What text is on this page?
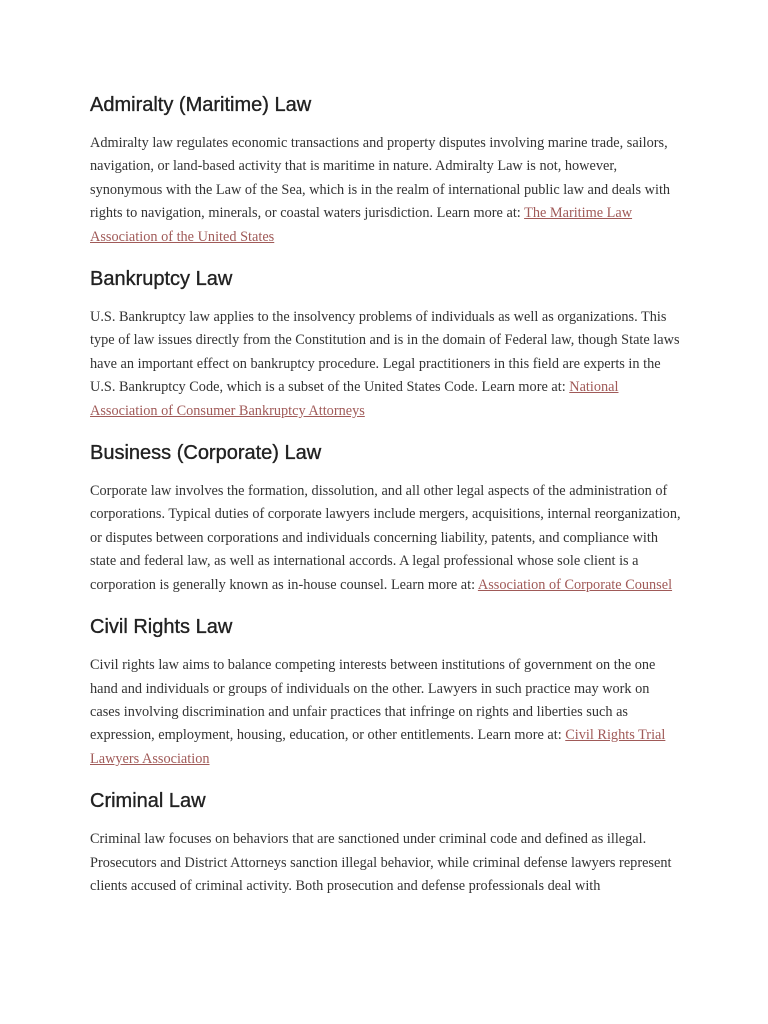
Admiralty (Maritime) Law

Admiralty law regulates economic transactions and property disputes involving marine trade, sailors, navigation, or land-based activity that is maritime in nature. Admiralty Law is not, however, synonymous with the Law of the Sea, which is in the realm of international public law and deals with rights to navigation, minerals, or coastal waters jurisdiction. Learn more at: The Maritime Law Association of the United States

Bankruptcy Law

U.S. Bankruptcy law applies to the insolvency problems of individuals as well as organizations. This type of law issues directly from the Constitution and is in the domain of Federal law, though State laws have an important effect on bankruptcy procedure. Legal practitioners in this field are experts in the U.S. Bankruptcy Code, which is a subset of the United States Code. Learn more at: National Association of Consumer Bankruptcy Attorneys

Business (Corporate) Law

Corporate law involves the formation, dissolution, and all other legal aspects of the administration of corporations. Typical duties of corporate lawyers include mergers, acquisitions, internal reorganization, or disputes between corporations and individuals concerning liability, patents, and compliance with state and federal law, as well as international accords. A legal professional whose sole client is a corporation is generally known as in-house counsel. Learn more at: Association of Corporate Counsel

Civil Rights Law

Civil rights law aims to balance competing interests between institutions of government on the one hand and individuals or groups of individuals on the other. Lawyers in such practice may work on cases involving discrimination and unfair practices that infringe on rights and liberties such as expression, employment, housing, education, or other entitlements. Learn more at: Civil Rights Trial Lawyers Association

Criminal Law

Criminal law focuses on behaviors that are sanctioned under criminal code and defined as illegal. Prosecutors and District Attorneys sanction illegal behavior, while criminal defense lawyers represent clients accused of criminal activity. Both prosecution and defense professionals deal with
